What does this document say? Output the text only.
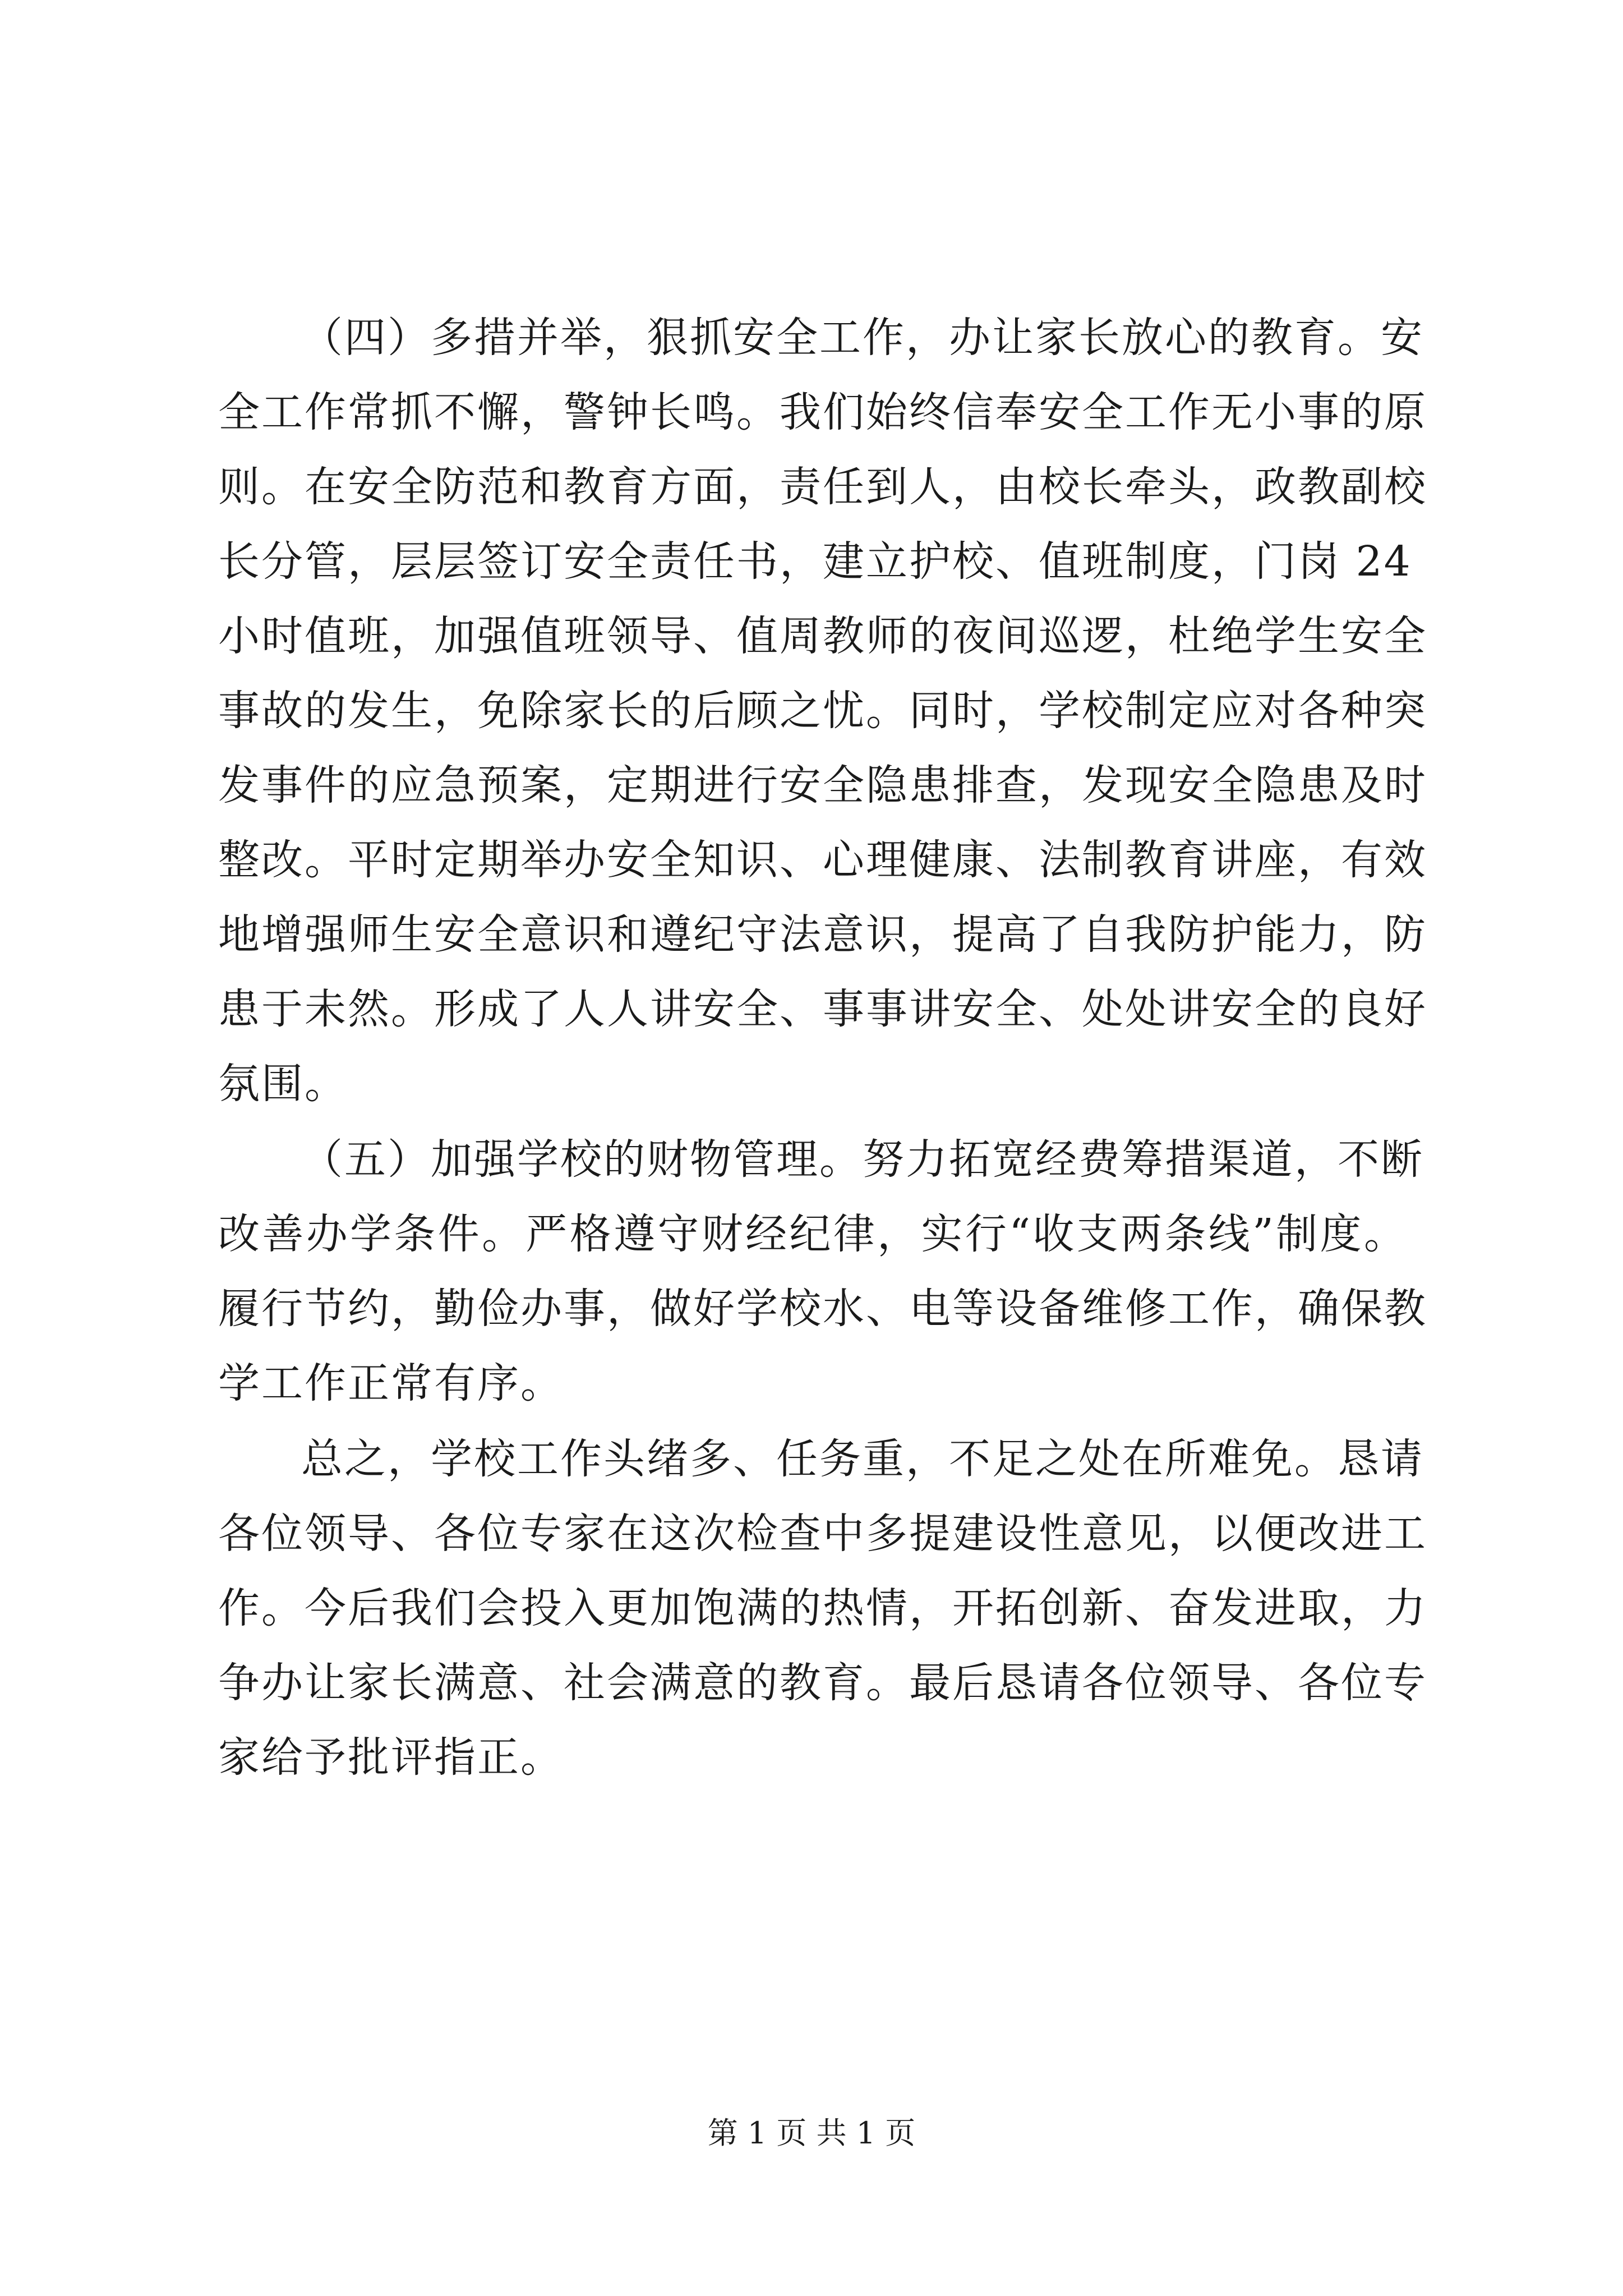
（四）多措并举，狠抓安全工作，办让家长放心的教育。安
全工作常抓不懈，警钟长鸣。我们始终信奉安全工作无小事的原
则。在安全防范和教育方面，责任到人，由校长牵头，政教副校
长分管，层层签订安全责任书，建立护校、值班制度，门岗 24
小时值班，加强值班领导、值周教师的夜间巡逻，杜绝学生安全
事故的发生，免除家长的后顾之忧。同时，学校制定应对各种突
发事件的应急预案，定期进行安全隐患排查，发现安全隐患及时
整改。平时定期举办安全知识、心理健康、法制教育讲座，有效
地增强师生安全意识和遵纪守法意识，提高了自我防护能力，防
患于未然。形成了人人讲安全、事事讲安全、处处讲安全的良好
氛围。
（五）加强学校的财物管理。努力拓宽经费筹措渠道，不断
改善办学条件。严格遵守财经纪律，实行“收支两条线”制度。
履行节约，勤俭办事，做好学校水、电等设备维修工作，确保教
学工作正常有序。
总之，学校工作头绪多、任务重，不足之处在所难免。恳请
各位领导、各位专家在这次检查中多提建设性意见，以便改进工
作。今后我们会投入更加饱满的热情，开拓创新、奋发进取，力
争办让家长满意、社会满意的教育。最后恳请各位领导、各位专
家给予批评指正。
第 1 页 共 1 页
